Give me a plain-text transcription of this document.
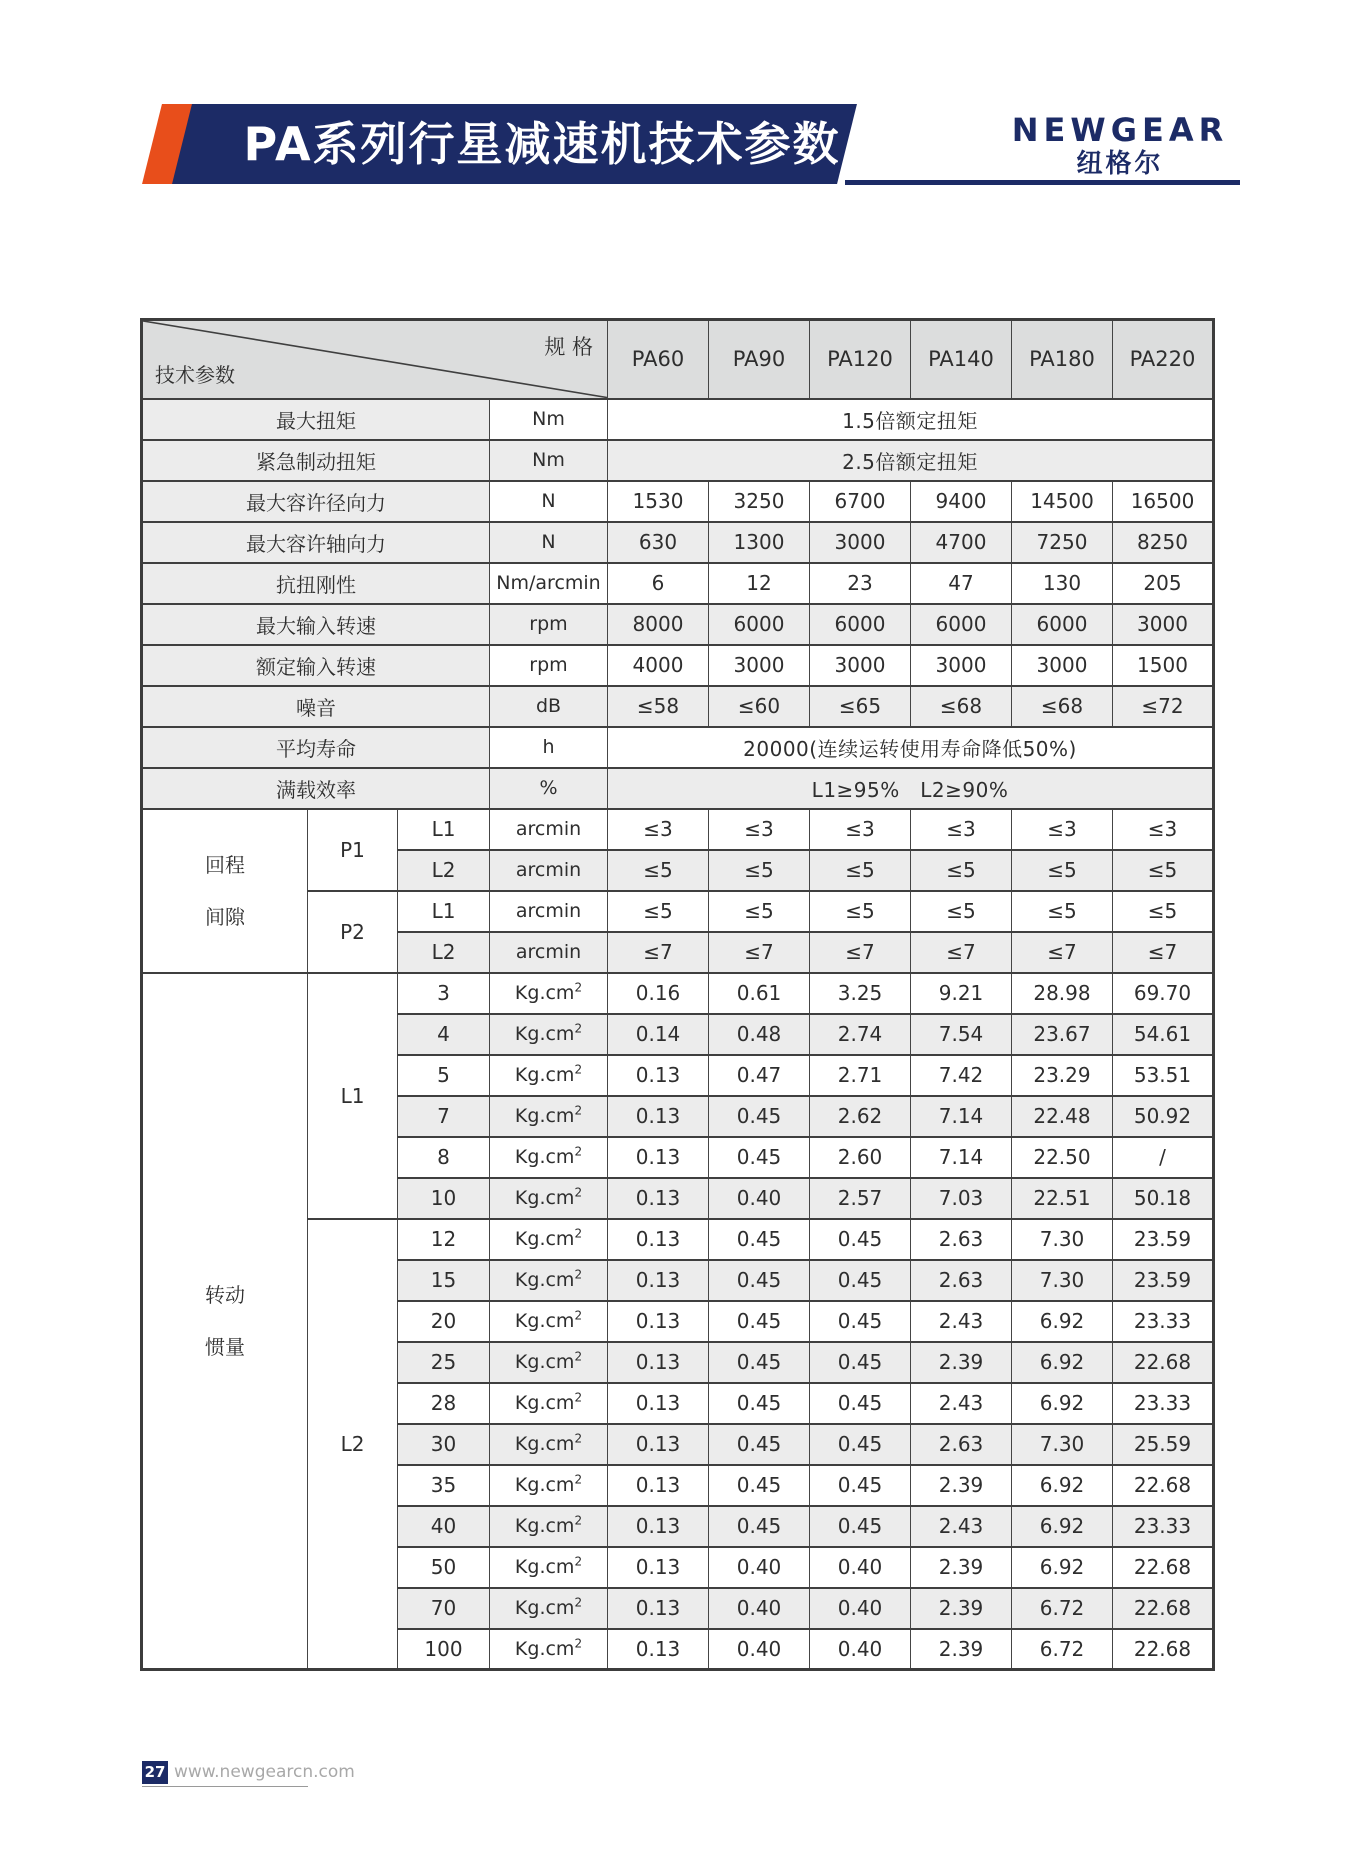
PA系列行星减速机技术参数	NEWGEAR
纽格尔
规 格
技术参数				PA60	PA90	PA120	PA140	PA180	PA220
最大扭矩			Nm	1.5倍额定扭矩					
紧急制动扭矩			Nm	2.5倍额定扭矩					
最大容许径向力			N	1530	3250	6700	9400	14500	16500
最大容许轴向力			N	630	1300	3000	4700	7250	8250
抗扭刚性			Nm/arcmin	6	12	23	47	130	205
最大输入转速			rpm	8000	6000	6000	6000	6000	3000
额定输入转速			rpm	4000	3000	3000	3000	3000	1500
噪音			dB	≤58	≤60	≤65	≤68	≤68	≤72
平均寿命			h	20000(连续运转使用寿命降低50%)					
满载效率			%	L1≥95%　L2≥90%					

回程
间隙	P1	L1	arcmin	≤3	≤3	≤3	≤3	≤3	≤3
		L2	arcmin	≤5	≤5	≤5	≤5	≤5	≤5
	P2	L1	arcmin	≤5	≤5	≤5	≤5	≤5	≤5
		L2	arcmin	≤7	≤7	≤7	≤7	≤7	≤7

转动
惯量	L1	3	$Kg.cm^2$	0.16	0.61	3.25	9.21	28.98	69.70
		4	$Kg.cm^2$	0.14	0.48	2.74	7.54	23.67	54.61
		5	$Kg.cm^2$	0.13	0.47	2.71	7.42	23.29	53.51
		7	$Kg.cm^2$	0.13	0.45	2.62	7.14	22.48	50.92
		8	$Kg.cm^2$	0.13	0.45	2.60	7.14	22.50	/
		10	$Kg.cm^2$	0.13	0.40	2.57	7.03	22.51	50.18
	L2	12	$Kg.cm^2$	0.13	0.45	0.45	2.63	7.30	23.59
		15	$Kg.cm^2$	0.13	0.45	0.45	2.63	7.30	23.59
		20	$Kg.cm^2$	0.13	0.45	0.45	2.43	6.92	23.33
		25	$Kg.cm^2$	0.13	0.45	0.45	2.39	6.92	22.68
		28	$Kg.cm^2$	0.13	0.45	0.45	2.43	6.92	23.33
		30	$Kg.cm^2$	0.13	0.45	0.45	2.63	7.30	25.59
		35	$Kg.cm^2$	0.13	0.45	0.45	2.39	6.92	22.68
		40	$Kg.cm^2$	0.13	0.45	0.45	2.43	6.92	23.33
		50	$Kg.cm^2$	0.13	0.40	0.40	2.39	6.92	22.68
		70	$Kg.cm^2$	0.13	0.40	0.40	2.39	6.72	22.68
		100	$Kg.cm^2$	0.13	0.40	0.40	2.39	6.72	22.68
27 www.newgearcn.com
